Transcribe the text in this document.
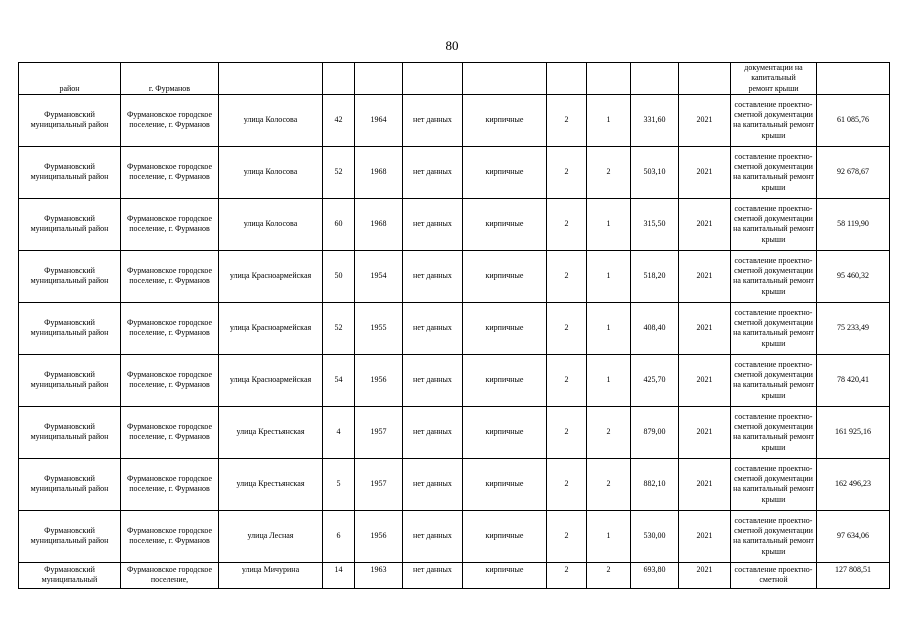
80
район	г. Фурманов										документации на
капитальный
ремонт крыши	

Фурмановский муниципальный район	Фурмановское городское поселение, г. Фурманов	улица Колосова	42	1964	нет данных	кирпичные	2	1	331,60	2021	составление проектно-сметной документации на капитальный ремонт крыши	61 085,76
Фурмановский муниципальный район	Фурмановское городское поселение, г. Фурманов	улица Колосова	52	1968	нет данных	кирпичные	2	2	503,10	2021	составление проектно-сметной документации на капитальный ремонт крыши	92 678,67
Фурмановский муниципальный район	Фурмановское городское поселение, г. Фурманов	улица Колосова	60	1968	нет данных	кирпичные	2	1	315,50	2021	составление проектно-сметной документации на капитальный ремонт крыши	58 119,90
Фурмановский муниципальный район	Фурмановское городское поселение, г. Фурманов	улица Красноармейская	50	1954	нет данных	кирпичные	2	1	518,20	2021	составление проектно-сметной документации на капитальный ремонт крыши	95 460,32
Фурмановский муниципальный район	Фурмановское городское поселение, г. Фурманов	улица Красноармейская	52	1955	нет данных	кирпичные	2	1	408,40	2021	составление проектно-сметной документации на капитальный ремонт крыши	75 233,49
Фурмановский муниципальный район	Фурмановское городское поселение, г. Фурманов	улица Красноармейская	54	1956	нет данных	кирпичные	2	1	425,70	2021	составление проектно-сметной документации на капитальный ремонт крыши	78 420,41
Фурмановский муниципальный район	Фурмановское городское поселение, г. Фурманов	улица Крестьянская	4	1957	нет данных	кирпичные	2	2	879,00	2021	составление проектно-сметной документации на капитальный ремонт крыши	161 925,16
Фурмановский муниципальный район	Фурмановское городское поселение, г. Фурманов	улица Крестьянская	5	1957	нет данных	кирпичные	2	2	882,10	2021	составление проектно-сметной документации на капитальный ремонт крыши	162 496,23
Фурмановский муниципальный район	Фурмановское городское поселение, г. Фурманов	улица Лесная	6	1956	нет данных	кирпичные	2	1	530,00	2021	составление проектно-сметной документации на капитальный ремонт крыши	97 634,06
Фурмановский муниципальный	Фурмановское городское поселение,	улица Мичурина	14	1963	нет данных	кирпичные	2	2	693,80	2021	составление проектно-сметной	127 808,51
